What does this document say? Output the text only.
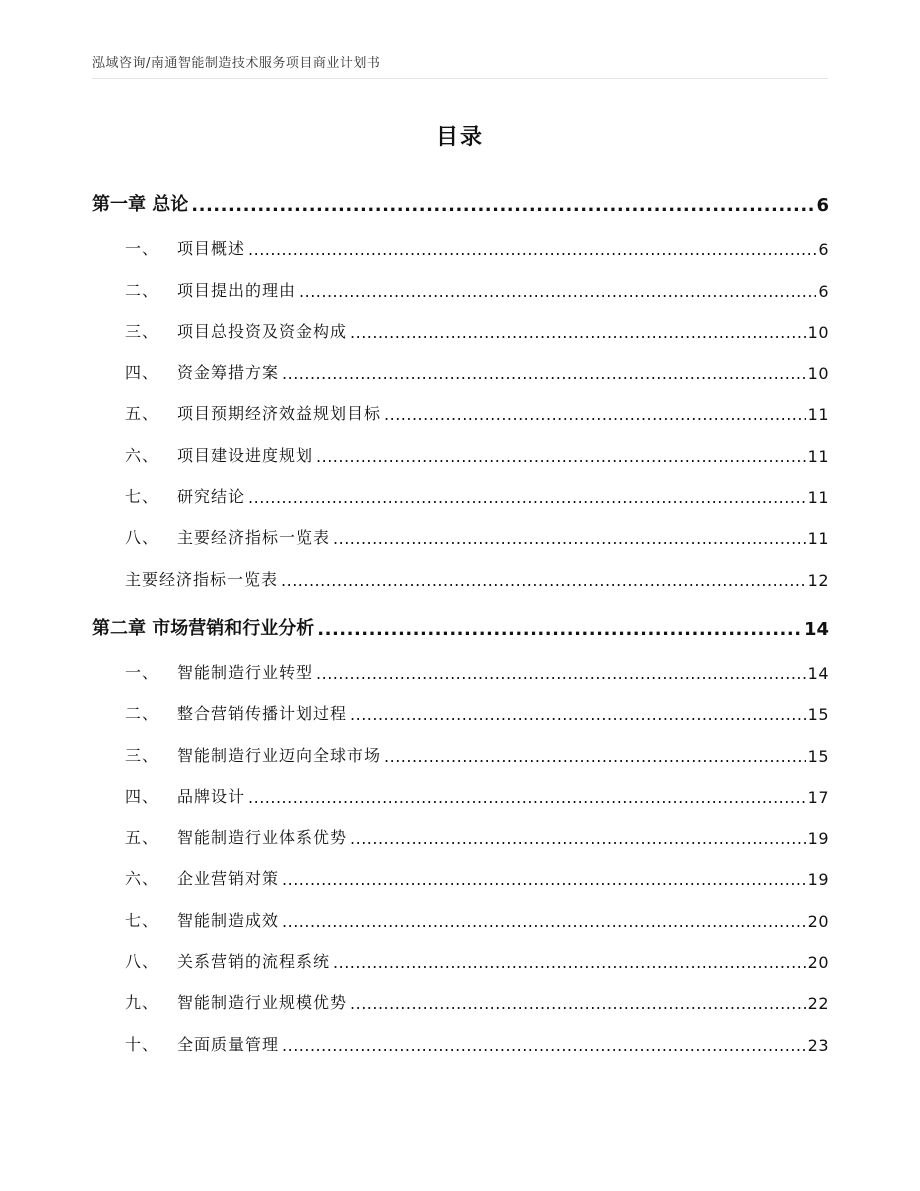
泓域咨询/南通智能制造技术服务项目商业计划书
目录
第一章 总论 .....	6
一、 项目概述 .....	6
二、 项目提出的理由 .....	6
三、 项目总投资及资金构成 .....	10
四、 资金筹措方案 .....	10
五、 项目预期经济效益规划目标 .....	11
六、 项目建设进度规划 .....	11
七、 研究结论 .....	11
八、 主要经济指标一览表 .....	11
主要经济指标一览表 .....	12
第二章 市场营销和行业分析 .....	14
一、 智能制造行业转型 .....	14
二、 整合营销传播计划过程 .....	15
三、 智能制造行业迈向全球市场 .....	15
四、 品牌设计 .....	17
五、 智能制造行业体系优势 .....	19
六、 企业营销对策 .....	19
七、 智能制造成效 .....	20
八、 关系营销的流程系统 .....	20
九、 智能制造行业规模优势 .....	22
十、 全面质量管理 .....	23
